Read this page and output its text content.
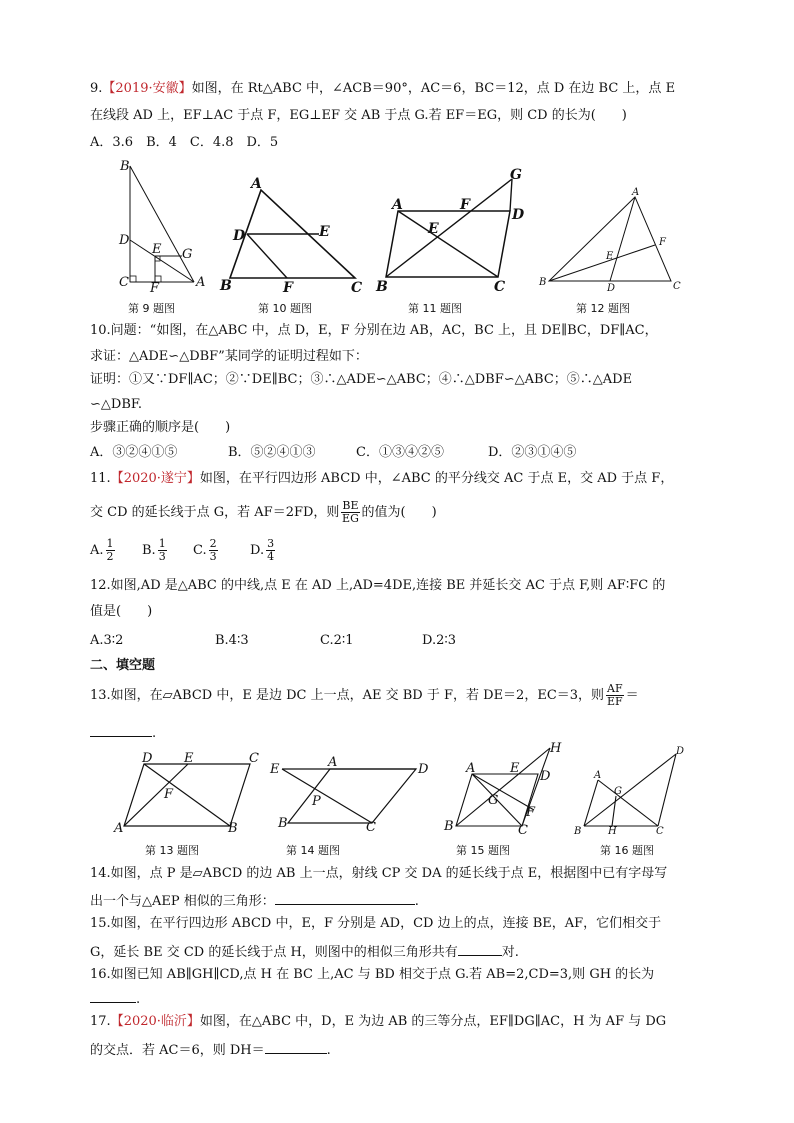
9.【2019·安徽】如图，在 Rt△ABC 中，∠ACB＝90°，AC＝6，BC＝12，点 D 在边 BC 上，点 E
在线段 AD 上，EF⊥AC 于点 F，EG⊥EF 交 AB 于点 G.若 EF＝EG，则 CD 的长为(　　)
A．3.6　B．4　C．4.8　D．5
B
D
E G
C F	A
第 9 题图
A
D	E
B	F	C
第 10 题图
G
A	F
D
E
B	C
第 11 题图
A
F
E
B
D	C
第 12 题图
10.问题：“如图，在△ABC 中，点 D，E，F 分别在边 AB，AC，BC 上，且 DE∥BC，DF∥AC，
求证：△ADE∽△DBF”某同学的证明过程如下：
证明：①又∵DF∥AC；②∵DE∥BC；③∴△ADE∽△ABC；④∴△DBF∽△ABC；⑤∴△ADE
∽△DBF.
步骤正确的顺序是(　　)
A．③②④①⑤	B．⑤②④①③	C．①③④②⑤	D．②③①④⑤
11.【2020·遂宁】如图，在平行四边形 ABCD 中，∠ABC 的平分线交 AC 于点 E，交 AD 于点 F，
交 CD 的延长线于点 G，若 AF＝2FD，则 $\frac{BE}{EG}$ 的值为(　　)
A. $\frac{1}{2} B$. $\frac{1}{3} C$. $\frac{2}{3} D$. $\frac{3}{4}$
12.如图,AD 是△ABC 的中线,点 E 在 AD 上,AD=4DE,连接 BE 并延长交 AC 于点 F,则 AF∶FC 的
值是(　　)
A.3∶2	B.4∶3	C.2∶1	D.2∶3
二、填空题
13.如图，在▱ABCD 中，E 是边 DC 上一点，AE 交 BD 于 F，若 DE＝2，EC＝3，则 $\frac{AF}{EF}$ ＝
.
D E	C
F
A	B
第 13 题图
E	A	D
P
B	C
第 14 题图
H
A	E
D
G
F
B	C
第 15 题图
D
A
G
B	H	C
第 16 题图
14.如图，点 P 是▱ABCD 的边 AB 上一点，射线 CP 交 DA 的延长线于点 E，根据图中已有字母写
出一个与△AEP 相似的三角形：	.
15.如图，在平行四边形 ABCD 中，E，F 分别是 AD，CD 边上的点，连接 BE，AF，它们相交于
G，延长 BE 交 CD 的延长线于点 H，则图中的相似三角形共有	对.
16.如图已知 AB∥GH∥CD,点 H 在 BC 上,AC 与 BD 相交于点 G.若 AB=2,CD=3,则 GH 的长为
.
17.【2020·临沂】如图，在△ABC 中，D，E 为边 AB 的三等分点，EF∥DG∥AC，H 为 AF 与 DG
的交点．若 AC＝6，则 DH＝	.
